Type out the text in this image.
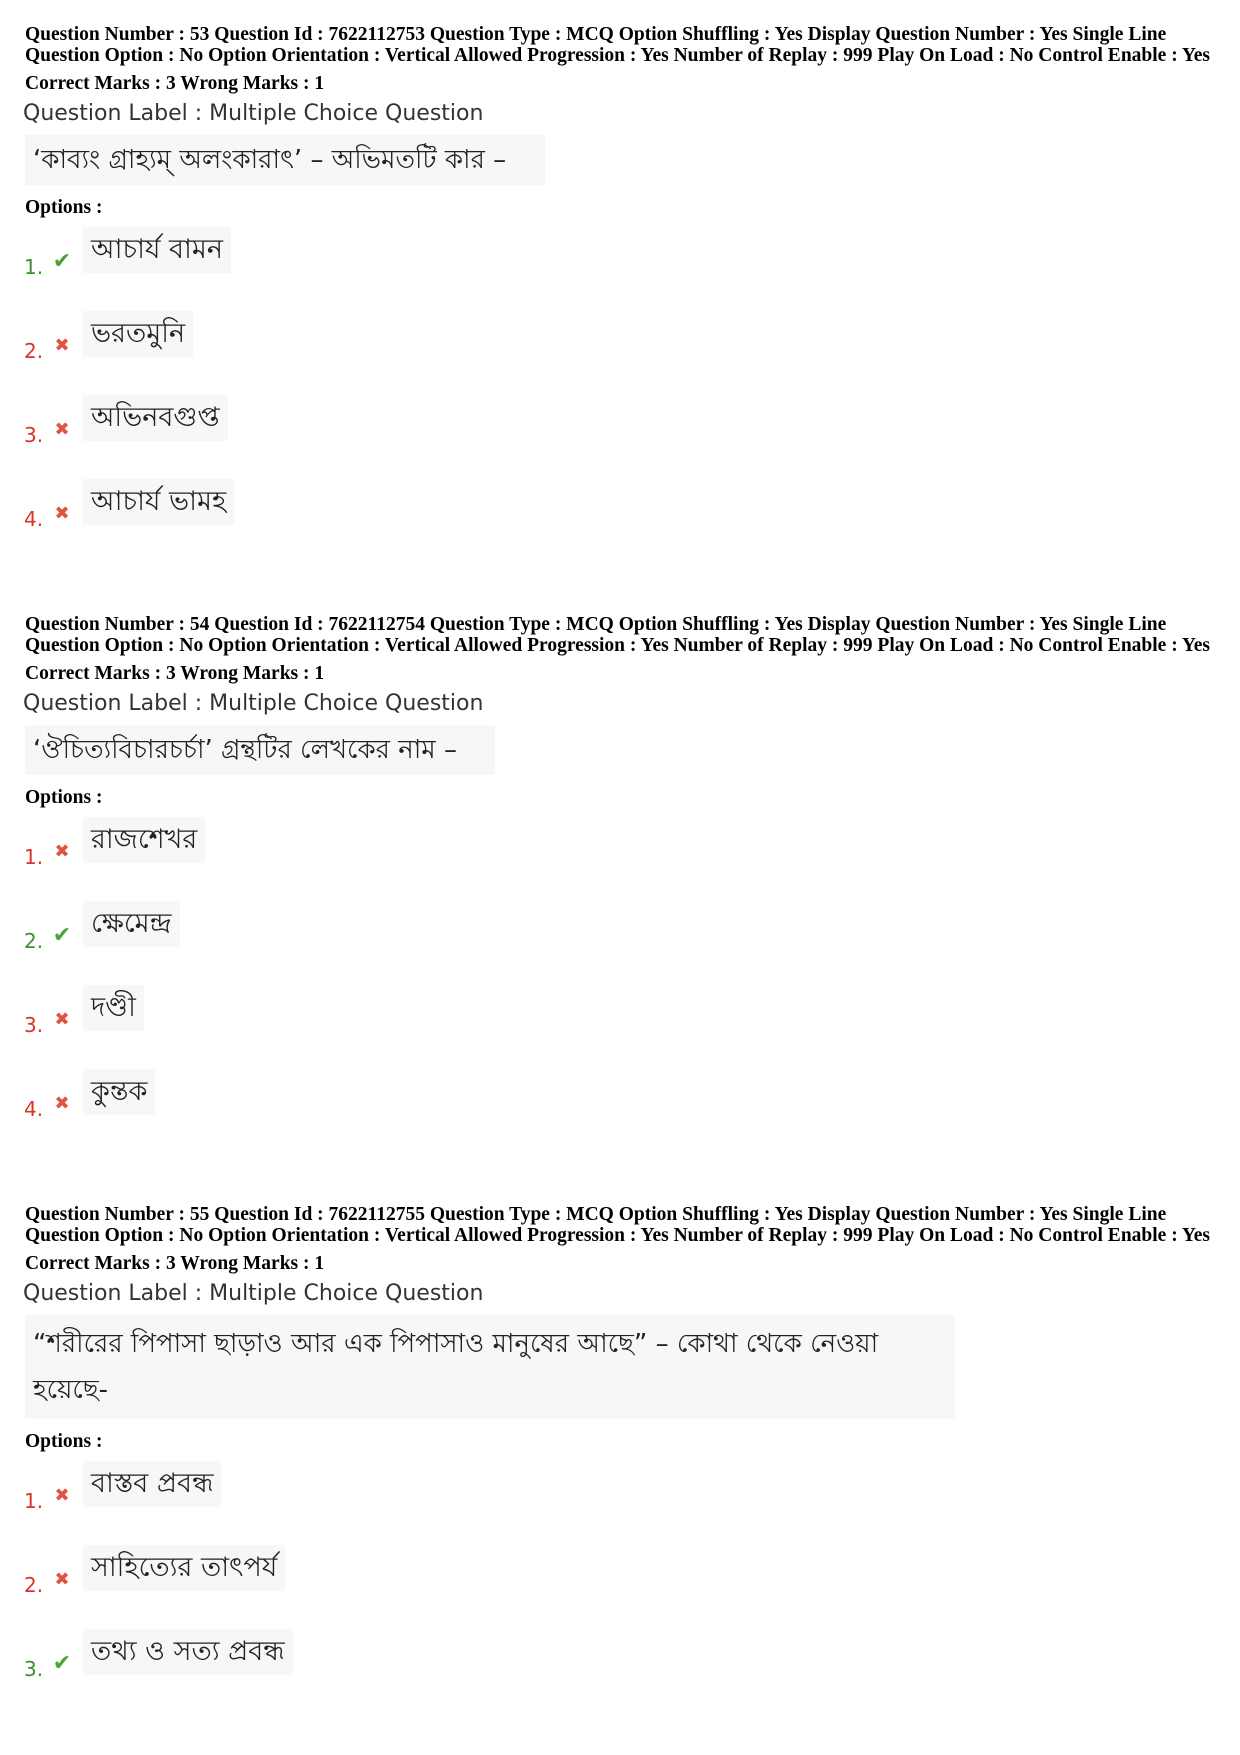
Question Number : 53 Question Id : 7622112753 Question Type : MCQ Option Shuffling : Yes Display Question Number : Yes Single Line Question Option : No Option Orientation : Vertical Allowed Progression : Yes Number of Replay : 999 Play On Load : No Control Enable : Yes

Correct Marks : 3 Wrong Marks : 1
Question Label : Multiple Choice Question
‘কাব্যং গ্রাহ্যম্ অলংকারাৎ’ – অভিমতটি কার –
Options :
1. ✔ আচার্য বামন
2. ✖ ভরতমুনি
3. ✖ অভিনবগুপ্ত
4. ✖ আচার্য ভামহ

Question Number : 54 Question Id : 7622112754 Question Type : MCQ Option Shuffling : Yes Display Question Number : Yes Single Line Question Option : No Option Orientation : Vertical Allowed Progression : Yes Number of Replay : 999 Play On Load : No Control Enable : Yes

Correct Marks : 3 Wrong Marks : 1
Question Label : Multiple Choice Question
‘ঔচিত্যবিচারচর্চা’ গ্রন্থটির লেখকের নাম –
Options :
1. ✖ রাজশেখর
2. ✔ ক্ষেমেন্দ্র
3. ✖ দণ্ডী
4. ✖ কুন্তক

Question Number : 55 Question Id : 7622112755 Question Type : MCQ Option Shuffling : Yes Display Question Number : Yes Single Line Question Option : No Option Orientation : Vertical Allowed Progression : Yes Number of Replay : 999 Play On Load : No Control Enable : Yes

Correct Marks : 3 Wrong Marks : 1
Question Label : Multiple Choice Question
“শরীরের পিপাসা ছাড়াও আর এক পিপাসাও মানুষের আছে” – কোথা থেকে নেওয়া হয়েছে-
Options :
1. ✖ বাস্তব প্রবন্ধ
2. ✖ সাহিত্যের তাৎপর্য
3. ✔ তথ্য ও সত্য প্রবন্ধ
